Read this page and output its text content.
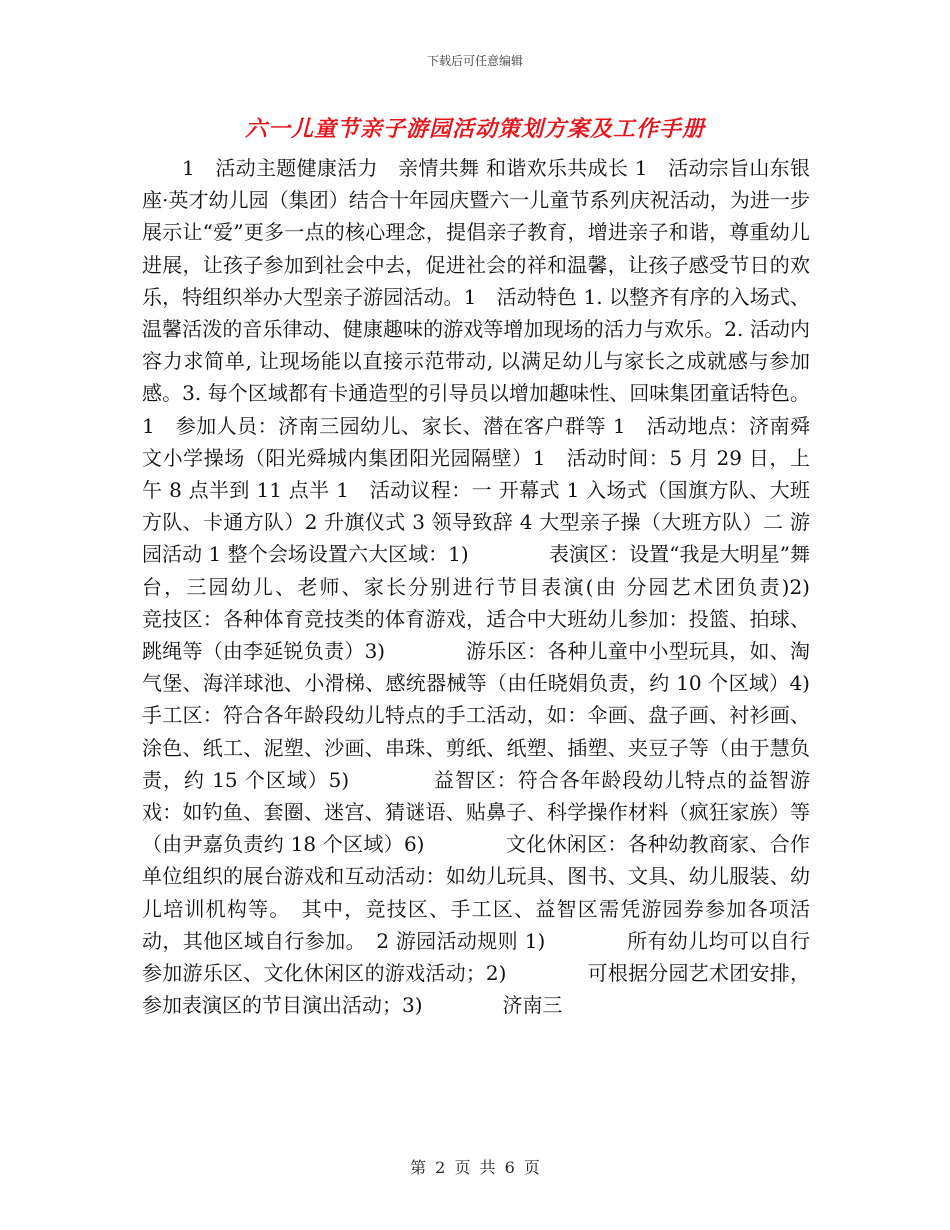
下载后可任意编辑
六一儿童节亲子游园活动策划方案及工作手册

1　活动主题健康活力　亲情共舞 和谐欢乐共成长 1　活动宗旨山东银座·英才幼儿园（集团）结合十年园庆暨六一儿童节系列庆祝活动，为进一步展示让“爱”更多一点的核心理念，提倡亲子教育，增进亲子和谐，尊重幼儿进展，让孩子参加到社会中去，促进社会的祥和温馨，让孩子感受节日的欢乐，特组织举办大型亲子游园活动。1　活动特色 1. 以整齐有序的入场式、温馨活泼的音乐律动、健康趣味的游戏等增加现场的活力与欢乐。2. 活动内容力求简单, 让现场能以直接示范带动, 以满足幼儿与家长之成就感与参加感。3. 每个区域都有卡通造型的引导员以增加趣味性、回味集团童话特色。1　参加人员：济南三园幼儿、家长、潜在客户群等 1　活动地点：济南舜文小学操场（阳光舜城内集团阳光园隔壁）1　活动时间：5 月 29 日，上午 8 点半到 11 点半 1　活动议程：一 开幕式 1 入场式（国旗方队、大班方队、卡通方队）2 升旗仪式 3 领导致辞 4 大型亲子操（大班方队）二 游园活动 1 整个会场设置六大区域：1)　　　　表演区：设置“我是大明星”舞台，三园幼儿、老师、家长分别进行节目表演(由 分园艺术团负责)2)　　　　竞技区：各种体育竞技类的体育游戏，适合中大班幼儿参加：投篮、拍球、跳绳等（由李延锐负责）3)　　　　游乐区：各种儿童中小型玩具，如、淘气堡、海洋球池、小滑梯、感统器械等（由任晓娟负责，约 10 个区域）4)　　　　手工区：符合各年龄段幼儿特点的手工活动，如：伞画、盘子画、衬衫画、涂色、纸工、泥塑、沙画、串珠、剪纸、纸塑、插塑、夹豆子等（由于慧负责，约 15 个区域）5)　　　　益智区：符合各年龄段幼儿特点的益智游戏：如钓鱼、套圈、迷宫、猜谜语、贴鼻子、科学操作材料（疯狂家族）等（由尹嘉负责约 18 个区域）6)　　　　文化休闲区：各种幼教商家、合作单位组织的展台游戏和互动活动：如幼儿玩具、图书、文具、幼儿服装、幼儿培训机构等。　其中，竞技区、手工区、益智区需凭游园券参加各项活动，其他区域自行参加。　2 游园活动规则 1)　　　　所有幼儿均可以自行参加游乐区、文化休闲区的游戏活动；2)　　　　可根据分园艺术团安排，参加表演区的节目演出活动；3)　　　　济南三

第 2 页 共 6 页
